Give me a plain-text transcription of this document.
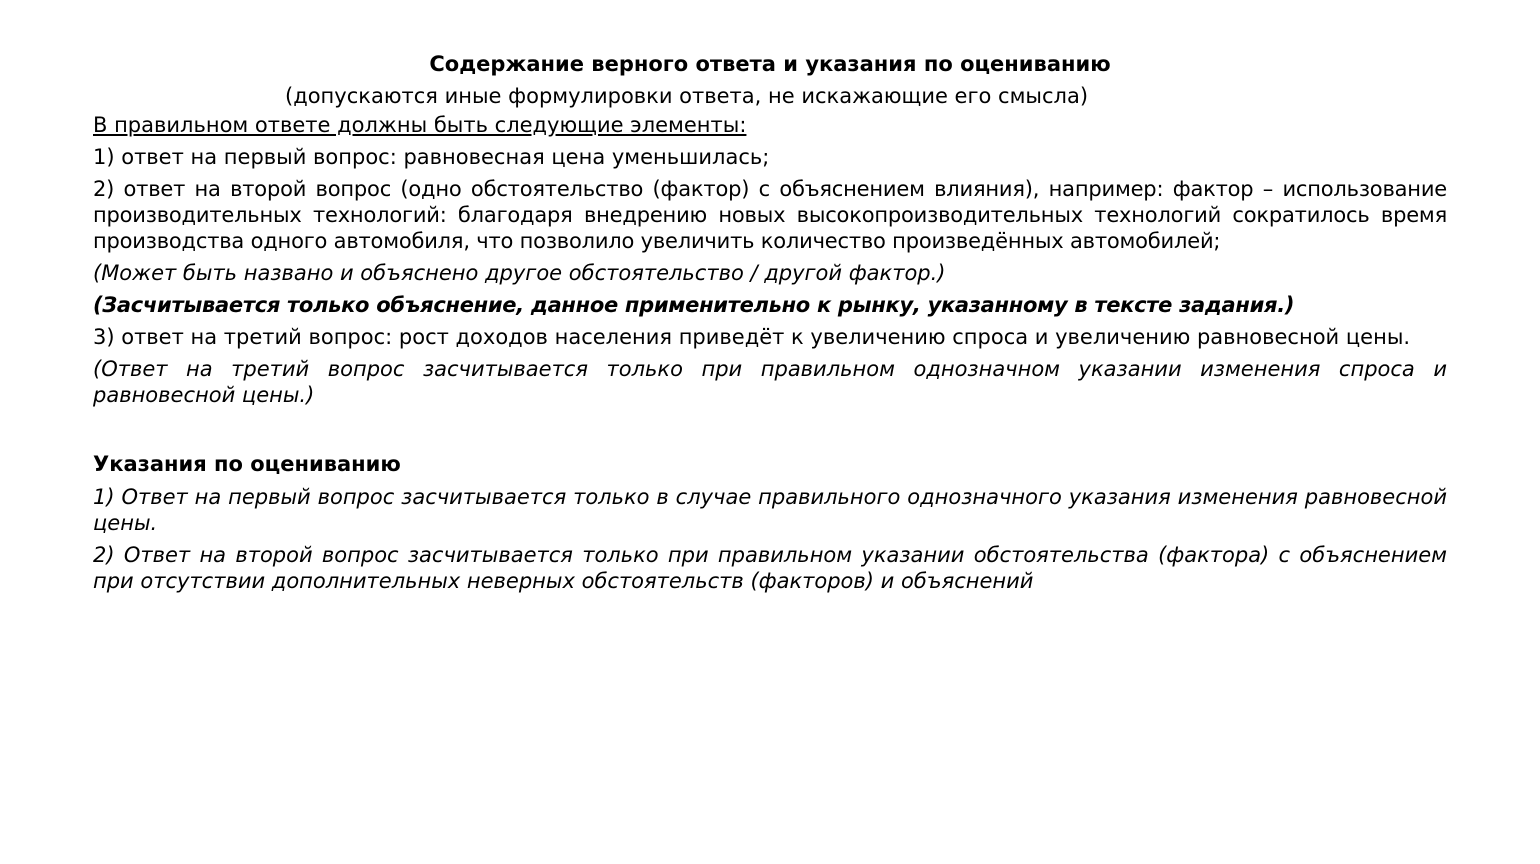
Содержание верного ответа и указания по оцениванию

(допускаются иные формулировки ответа, не искажающие его смысла)

В правильном ответе должны быть следующие элементы:

1) ответ на первый вопрос: равновесная цена уменьшилась;

2) ответ на второй вопрос (одно обстоятельство (фактор) с объяснением влияния), например: фактор – использование производительных технологий: благодаря внедрению новых высокопроизводительных технологий сократилось время производства одного автомобиля, что позволило увеличить количество произведённых автомобилей;

(Может быть названо и объяснено другое обстоятельство / другой фактор.)

(Засчитывается только объяснение, данное применительно к рынку, указанному в тексте задания.)

3) ответ на третий вопрос: рост доходов населения приведёт к увеличению спроса и увеличению равновесной цены.

(Ответ на третий вопрос засчитывается только при правильном однозначном указании изменения спроса и равновесной цены.)

Указания по оцениванию

1) Ответ на первый вопрос засчитывается только в случае правильного однозначного указания изменения равновесной цены.

2) Ответ на второй вопрос засчитывается только при правильном указании обстоятельства (фактора) с объяснением при отсутствии дополнительных неверных обстоятельств (факторов) и объяснений
